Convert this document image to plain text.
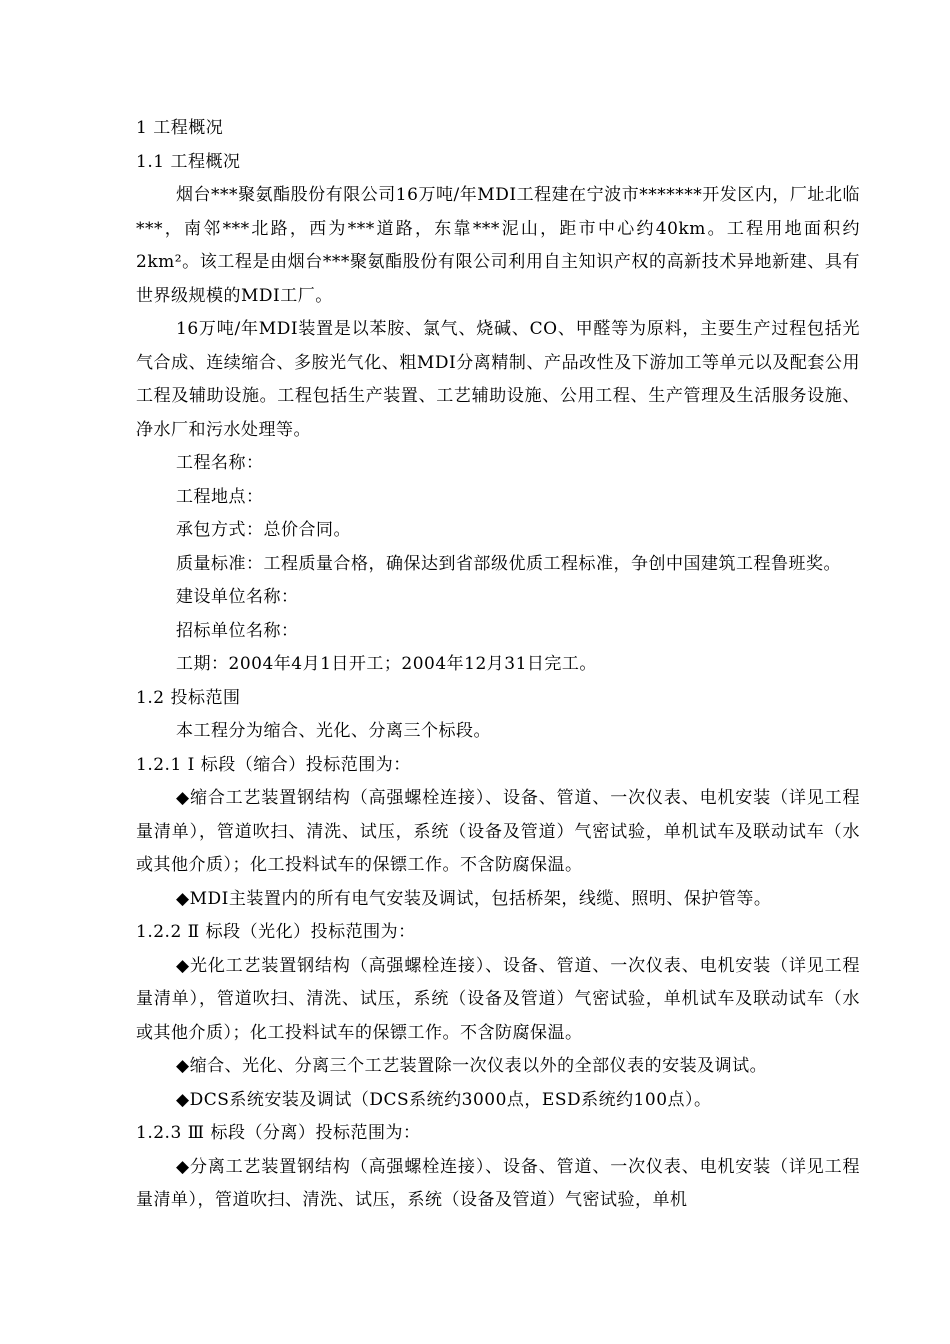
1 工程概况

1.1 工程概况

烟台***聚氨酯股份有限公司16万吨/年MDI工程建在宁波市*******开发区内，厂址北临***，南邻***北路，西为***道路，东靠***泥山，距市中心约40km。工程用地面积约2km²。该工程是由烟台***聚氨酯股份有限公司利用自主知识产权的高新技术异地新建、具有世界级规模的MDI工厂。

16万吨/年MDI装置是以苯胺、氯气、烧碱、CO、甲醛等为原料，主要生产过程包括光气合成、连续缩合、多胺光气化、粗MDI分离精制、产品改性及下游加工等单元以及配套公用工程及辅助设施。工程包括生产装置、工艺辅助设施、公用工程、生产管理及生活服务设施、净水厂和污水处理等。

工程名称：

工程地点：

承包方式：总价合同。

质量标准：工程质量合格，确保达到省部级优质工程标准，争创中国建筑工程鲁班奖。

建设单位名称：

招标单位名称：

工期：2004年4月1日开工；2004年12月31日完工。

1.2 投标范围

本工程分为缩合、光化、分离三个标段。

1.2.1 Ⅰ 标段（缩合）投标范围为：

◆缩合工艺装置钢结构（高强螺栓连接）、设备、管道、一次仪表、电机安装（详见工程量清单），管道吹扫、清洗、试压，系统（设备及管道）气密试验，单机试车及联动试车（水或其他介质）；化工投料试车的保镖工作。不含防腐保温。

◆MDI主装置内的所有电气安装及调试，包括桥架，线缆、照明、保护管等。

1.2.2 Ⅱ 标段（光化）投标范围为：

◆光化工艺装置钢结构（高强螺栓连接）、设备、管道、一次仪表、电机安装（详见工程量清单），管道吹扫、清洗、试压，系统（设备及管道）气密试验，单机试车及联动试车（水或其他介质）；化工投料试车的保镖工作。不含防腐保温。

◆缩合、光化、分离三个工艺装置除一次仪表以外的全部仪表的安装及调试。

◆DCS系统安装及调试（DCS系统约3000点，ESD系统约100点）。

1.2.3 Ⅲ 标段（分离）投标范围为：

◆分离工艺装置钢结构（高强螺栓连接）、设备、管道、一次仪表、电机安装（详见工程量清单），管道吹扫、清洗、试压，系统（设备及管道）气密试验，单机
